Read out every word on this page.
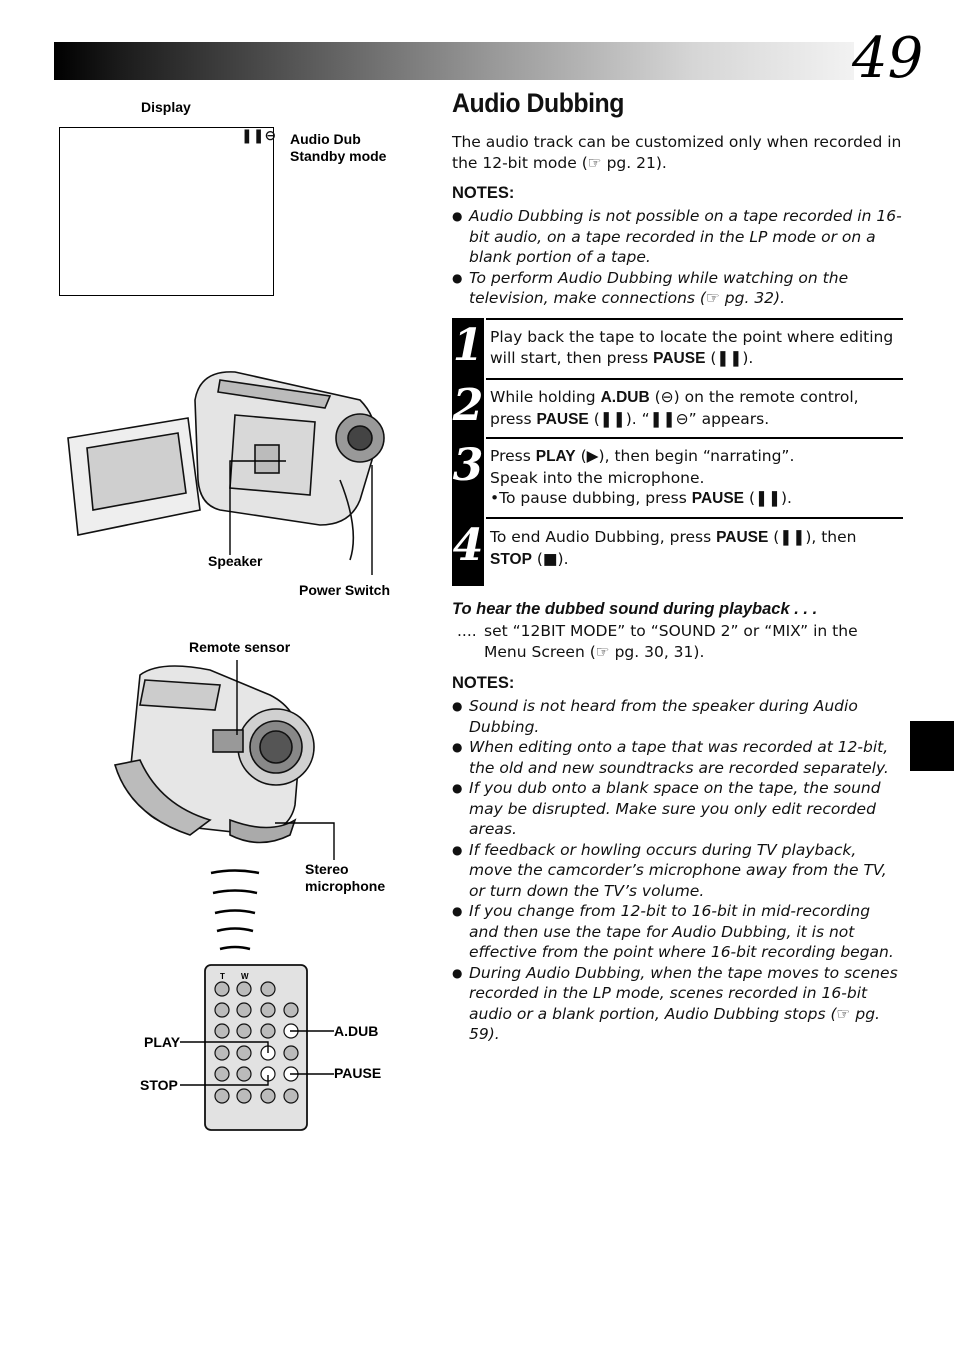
49
Display
❚❚⊖ Audio Dub
Standby mode
Speaker
Power Switch
Remote sensor
Stereo
microphone
T W
A.DUB
PLAY
PAUSE
STOP
Audio Dubbing
The audio track can be customized only when recorded in the 12-bit mode (☞ pg. 21).
NOTES:
● Audio Dubbing is not possible on a tape recorded in 16-bit audio, on a tape recorded in the LP mode or on a blank portion of a tape.
● To perform Audio Dubbing while watching on the television, make connections (☞ pg. 32).
1 Play back the tape to locate the point where editing will start, then press PAUSE (❚❚).
2 While holding A.DUB (⊖) on the remote control, press PAUSE (❚❚). “❚❚⊖” appears.
3 Press PLAY (▶), then begin “narrating”.
Speak into the microphone.
•To pause dubbing, press PAUSE (❚❚).
4 To end Audio Dubbing, press PAUSE (❚❚), then STOP (■).
To hear the dubbed sound during playback . . .
.... set “12BIT MODE” to “SOUND 2” or “MIX” in the Menu Screen (☞ pg. 30, 31).
NOTES:
● Sound is not heard from the speaker during Audio Dubbing.
● When editing onto a tape that was recorded at 12-bit, the old and new soundtracks are recorded separately.
● If you dub onto a blank space on the tape, the sound may be disrupted. Make sure you only edit recorded areas.
● If feedback or howling occurs during TV playback, move the camcorder’s microphone away from the TV, or turn down the TV’s volume.
● If you change from 12-bit to 16-bit in mid-recording and then use the tape for Audio Dubbing, it is not effective from the point where 16-bit recording began.
● During Audio Dubbing, when the tape moves to scenes recorded in the LP mode, scenes recorded in 16-bit audio or a blank portion, Audio Dubbing stops (☞ pg. 59).
